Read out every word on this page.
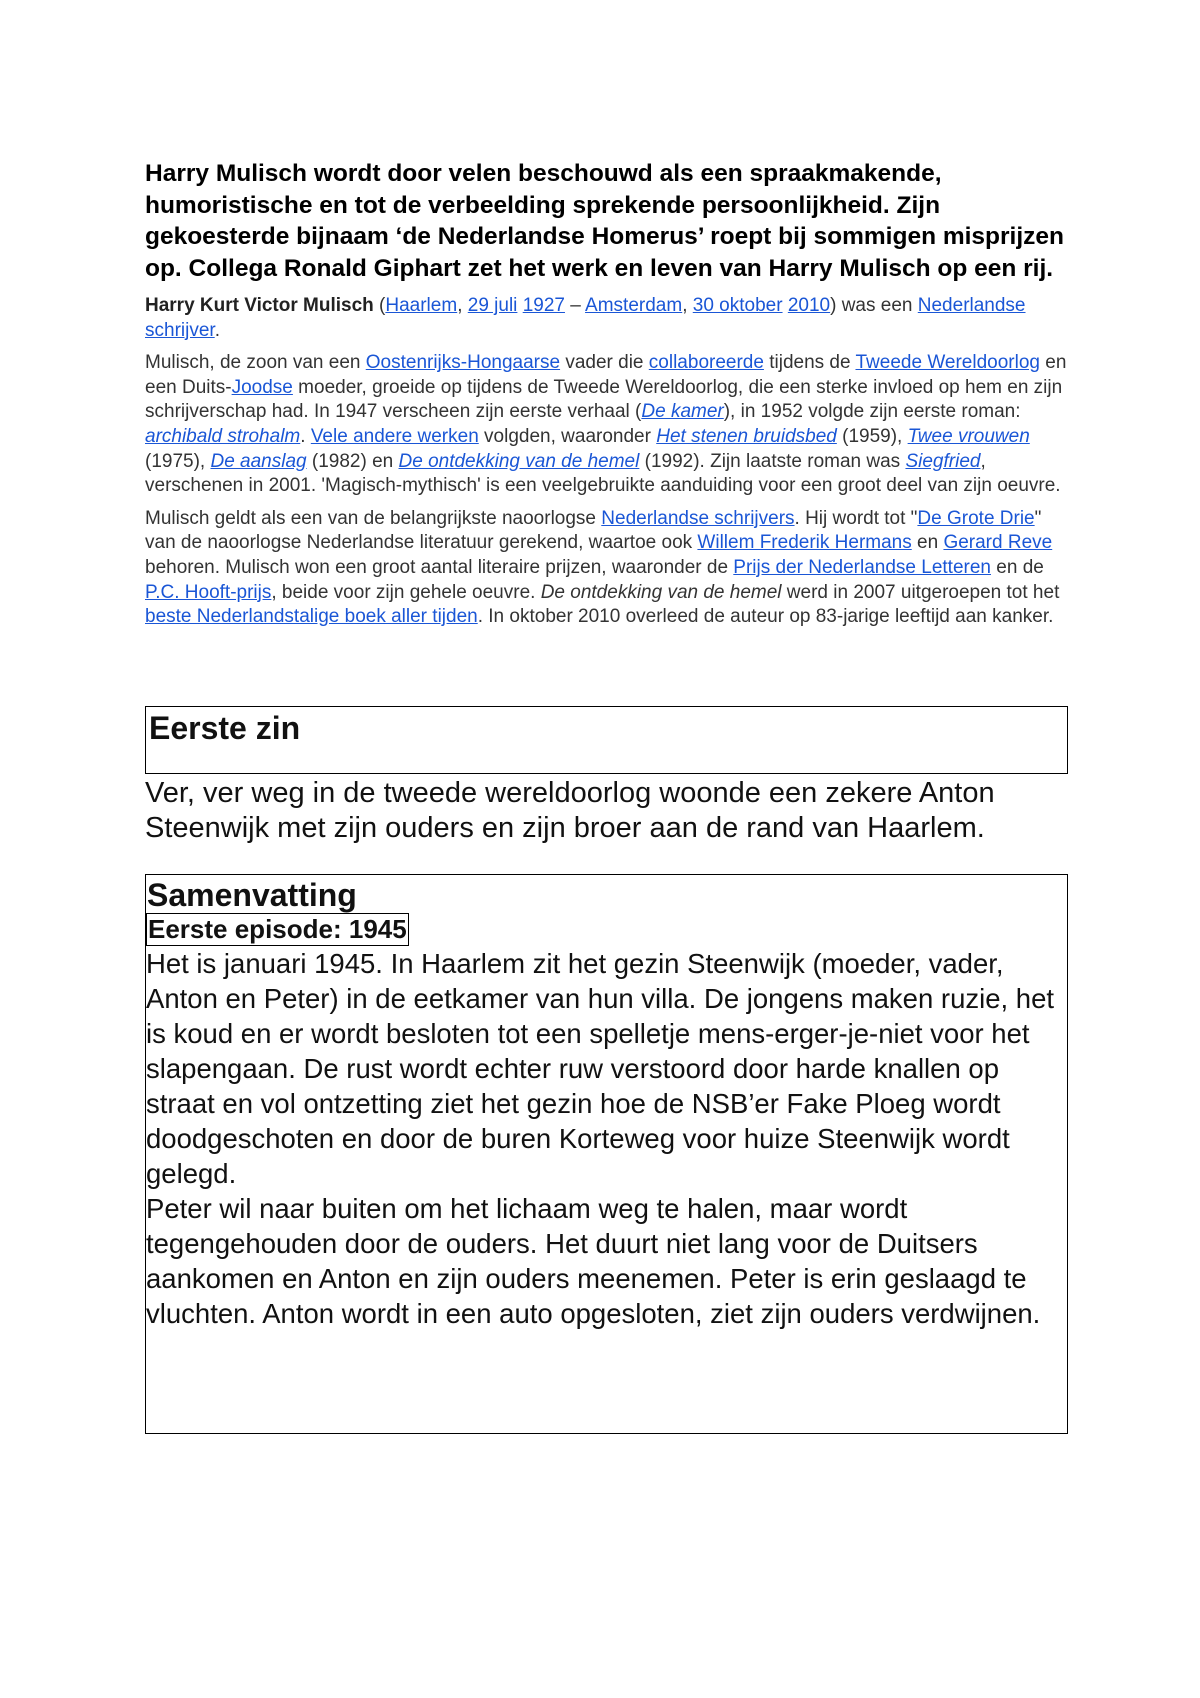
Harry Mulisch wordt door velen beschouwd als een spraakmakende, humoristische en tot de verbeelding sprekende persoonlijkheid. Zijn gekoesterde bijnaam ‘de Nederlandse Homerus’ roept bij sommigen misprijzen op. Collega Ronald Giphart zet het werk en leven van Harry Mulisch op een rij.

Harry Kurt Victor Mulisch (Haarlem, 29 juli 1927 – Amsterdam, 30 oktober 2010) was een Nederlandse schrijver.

Mulisch, de zoon van een Oostenrijks-Hongaarse vader die collaboreerde tijdens de Tweede Wereldoorlog en een Duits-Joodse moeder, groeide op tijdens de Tweede Wereldoorlog, die een sterke invloed op hem en zijn schrijverschap had. In 1947 verscheen zijn eerste verhaal (De kamer), in 1952 volgde zijn eerste roman: archibald strohalm. Vele andere werken volgden, waaronder Het stenen bruidsbed (1959), Twee vrouwen (1975), De aanslag (1982) en De ontdekking van de hemel (1992). Zijn laatste roman was Siegfried, verschenen in 2001. 'Magisch-mythisch' is een veelgebruikte aanduiding voor een groot deel van zijn oeuvre.

Mulisch geldt als een van de belangrijkste naoorlogse Nederlandse schrijvers. Hij wordt tot "De Grote Drie" van de naoorlogse Nederlandse literatuur gerekend, waartoe ook Willem Frederik Hermans en Gerard Reve behoren. Mulisch won een groot aantal literaire prijzen, waaronder de Prijs der Nederlandse Letteren en de P.C. Hooft-prijs, beide voor zijn gehele oeuvre. De ontdekking van de hemel werd in 2007 uitgeroepen tot het beste Nederlandstalige boek aller tijden. In oktober 2010 overleed de auteur op 83-jarige leeftijd aan kanker.

Eerste zin

Ver, ver weg in de tweede wereldoorlog woonde een zekere Anton Steenwijk met zijn ouders en zijn broer aan de rand van Haarlem.

Samenvatting
Eerste episode: 1945

Het is januari 1945. In Haarlem zit het gezin Steenwijk (moeder, vader, Anton en Peter) in de eetkamer van hun villa. De jongens maken ruzie, het is koud en er wordt besloten tot een spelletje mens-erger-je-niet voor het slapengaan. De rust wordt echter ruw verstoord door harde knallen op straat en vol ontzetting ziet het gezin hoe de NSB’er Fake Ploeg wordt doodgeschoten en door de buren Korteweg voor huize Steenwijk wordt gelegd.

Peter wil naar buiten om het lichaam weg te halen, maar wordt tegengehouden door de ouders. Het duurt niet lang voor de Duitsers aankomen en Anton en zijn ouders meenemen. Peter is erin geslaagd te vluchten. Anton wordt in een auto opgesloten, ziet zijn ouders verdwijnen.
